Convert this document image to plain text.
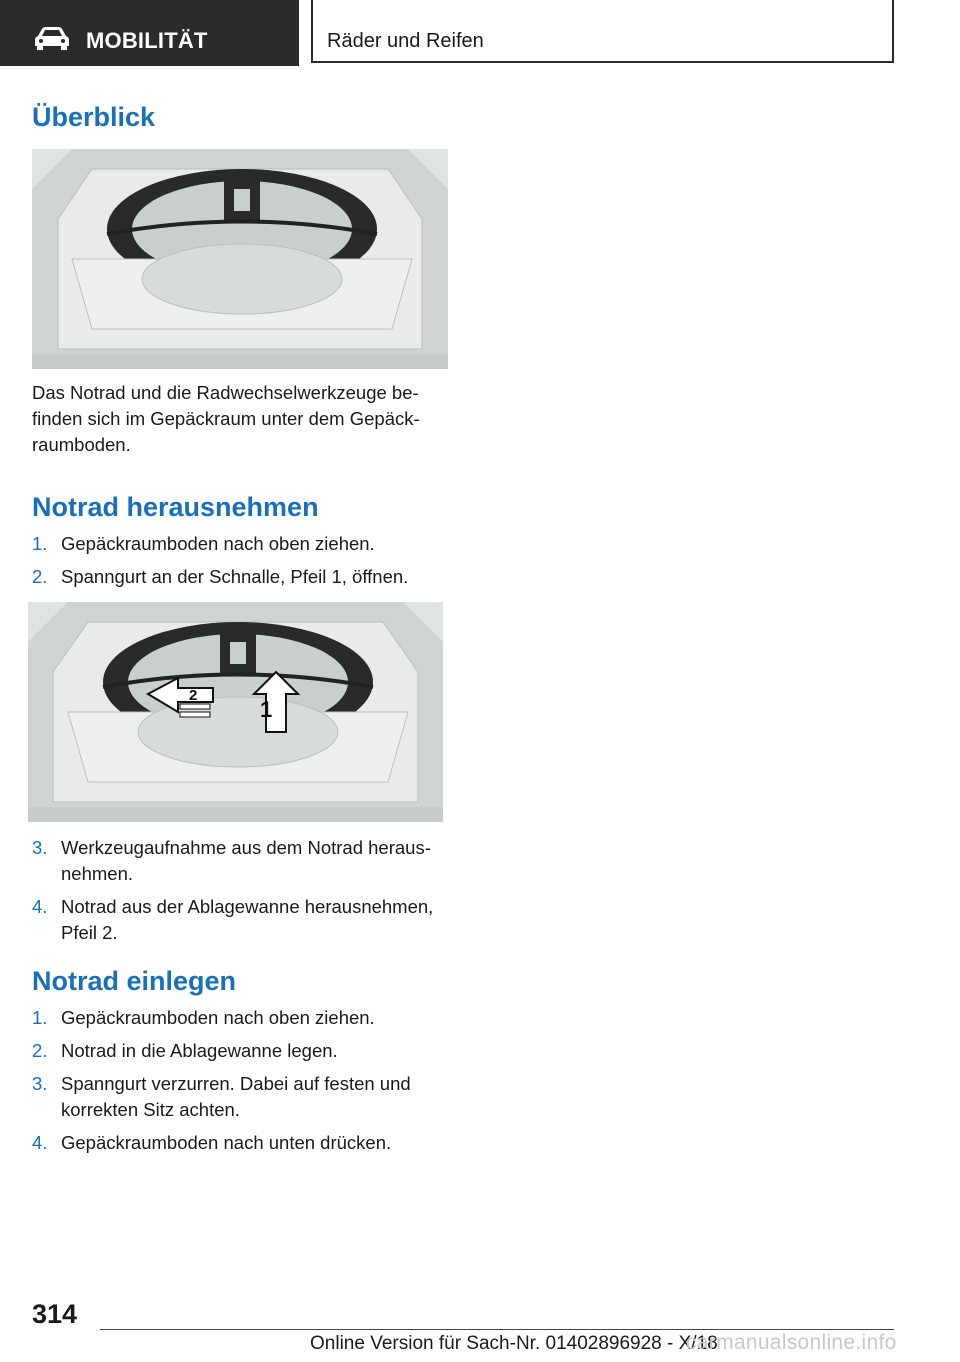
MOBILITÄT	Räder und Reifen
Überblick

Das Notrad und die Radwechselwerkzeuge be-finden sich im Gepäckraum unter dem Gepäck-raumboden.

Notrad herausnehmen
1. Gepäckraumboden nach oben ziehen.
2. Spanngurt an der Schnalle, Pfeil 1, öffnen.
2
1
3. Werkzeugaufnahme aus dem Notrad heraus-nehmen.
4. Notrad aus der Ablagewanne herausnehmen, Pfeil 2.
Notrad einlegen
1. Gepäckraumboden nach oben ziehen.
2. Notrad in die Ablagewanne legen.
3. Spanngurt verzurren. Dabei auf festen und korrekten Sitz achten.
4. Gepäckraumboden nach unten drücken.
314
Online Version für Sach-Nr. 01402896928 - X/18
carmanualsonline.info
